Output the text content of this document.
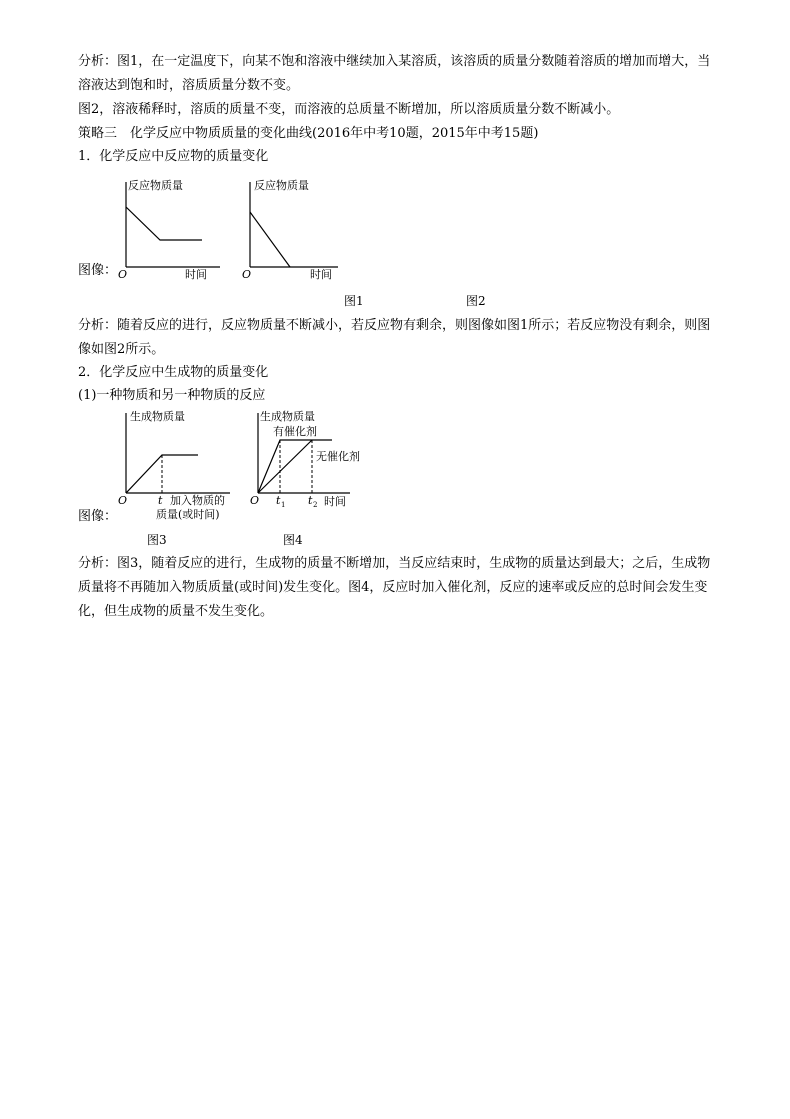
分析：图1，在一定温度下，向某不饱和溶液中继续加入某溶质，该溶质的质量分数随着溶质的增加而增大，当溶液达到饱和时，溶质质量分数不变。

图2，溶液稀释时，溶质的质量不变，而溶液的总质量不断增加，所以溶质质量分数不断减小。

策略三　化学反应中物质质量的变化曲线(2016年中考10题，2015年中考15题)
1．化学反应中反应物的质量变化
反应物质量
O	时间
反应物质量
O	时间
图像：
图1	图2

分析：随着反应的进行，反应物质量不断减小，若反应物有剩余，则图像如图1所示；若反应物没有剩余，则图像如图2所示。

2．化学反应中生成物的质量变化
(1)一种物质和另一种物质的反应
生成物质量
O	t 加入物质的
质量(或时间)
生成物质量
有催化剂
无催化剂
O t 1 t 2 时间
图像：
图3	图4

分析：图3，随着反应的进行，生成物的质量不断增加，当反应结束时，生成物的质量达到最大；之后，生成物质量将不再随加入物质质量(或时间)发生变化。图4，反应时加入催化剂，反应的速率或反应的总时间会发生变化，但生成物的质量不发生变化。
